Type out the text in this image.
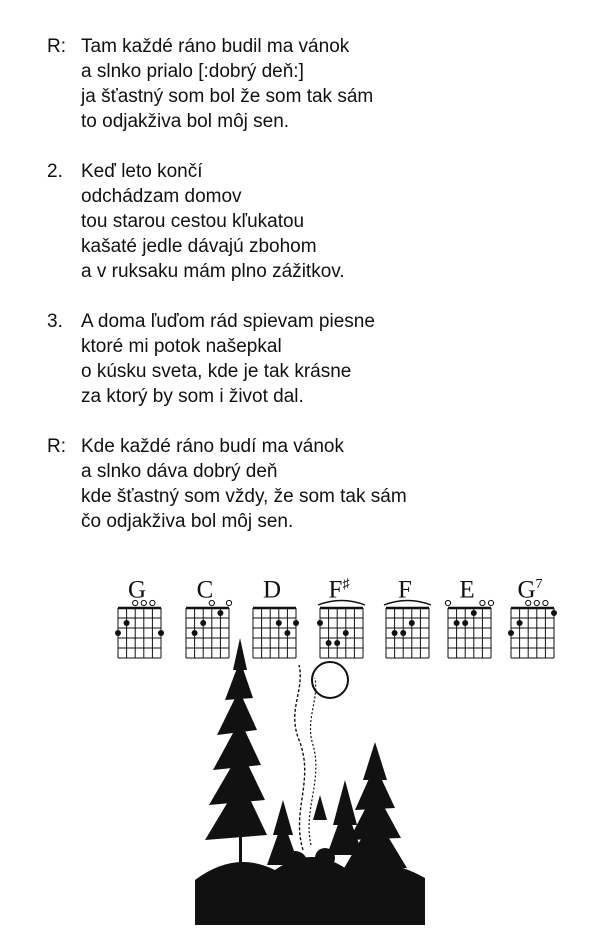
R: Tam každé ráno budil ma vánok
a slnko prialo [:dobrý deň:]
ja šťastný som bol že som tak sám
to odjakživa bol môj sen.
2. Keď leto končí
odchádzam domov
tou starou cestou kľukatou
kašaté jedle dávajú zbohom
a v ruksaku mám plno zážitkov.
3. A doma ľuďom rád spievam piesne
ktoré mi potok našepkal
o kúsku sveta, kde je tak krásne
za ktorý by som i život dal.
R: Kde každé ráno budí ma vánok
a slnko dáva dobrý deň
kde šťastný som vždy, že som tak sám
čo odjakživa bol môj sen.
G	C	D	F♯	F	E	$G^7$
